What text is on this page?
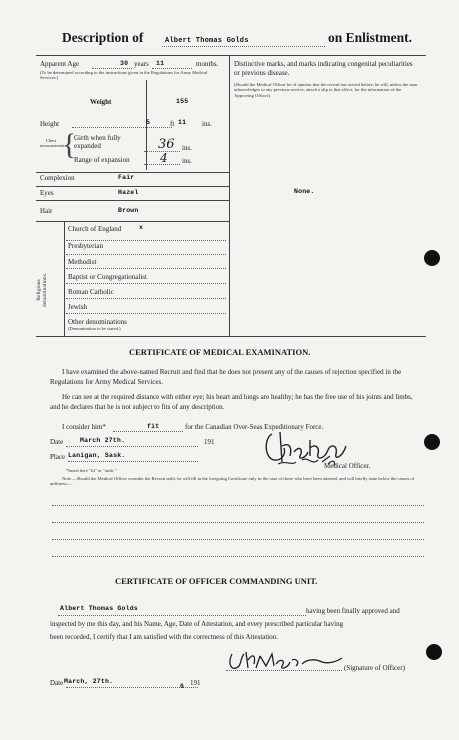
Description of	Albert Thomas Golds	on Enlistment.
Apparent Age	30 years 11	months.
(To be determined according to the instructions given in the Regulations for Army Medical Services.)
Weight	155
Height	5	ft 11 ins.
Chest measurement.
{
Girth when fully expanded	36 ins.
Range of expansion	4 ins.
Complexion	Fair
Eyes	Hazel
Hair	Brown
Religious denominations.
Church of England	x
Presbyterian
Methodist
Baptist or Congregationalist
Roman Catholic
Jewish
Other denominations
(Denomination to be stated.)
Distinctive marks, and marks indicating congenital peculiarities or previous disease.
(Should the Medical Officer be of opinion that the recruit has served before, he will, unless the man acknowledges to any previous service, attach a slip to that effect, for the information of the Approving Officer).
None.
CERTIFICATE OF MEDICAL EXAMINATION.
I have examined the above-named Recruit and find that he does not present any of the causes of rejection specified in the Regulations for Army Medical Services.
He can see at the required distance with either eye; his heart and lungs are healthy; he has the free use of his joints and limbs, and he declares that he is not subject to fits of any description.
I consider him*	fit	for the Canadian Over-Seas Expeditionary Force.
Date	March 27th.	191
Place Lanigan, Sask.
Medical Officer.
*Insert here "fit" or "unfit."
Note.—Should the Medical Officer consider the Recruit unfit, he will fill in the foregoing Certificate only in the case of those who have been attested, and will briefly state below the causes of unfitness:—
CERTIFICATE OF OFFICER COMMANDING UNIT.
Albert Thomas Golds	having been finally approved and
inspected by me this day, and his Name, Age, Date of Attestation, and every prescribed particular having
been recorded, I certify that I am satisfied with the correctness of this Attestation.
(Signature of Officer)
Date March, 27th.	191
6
